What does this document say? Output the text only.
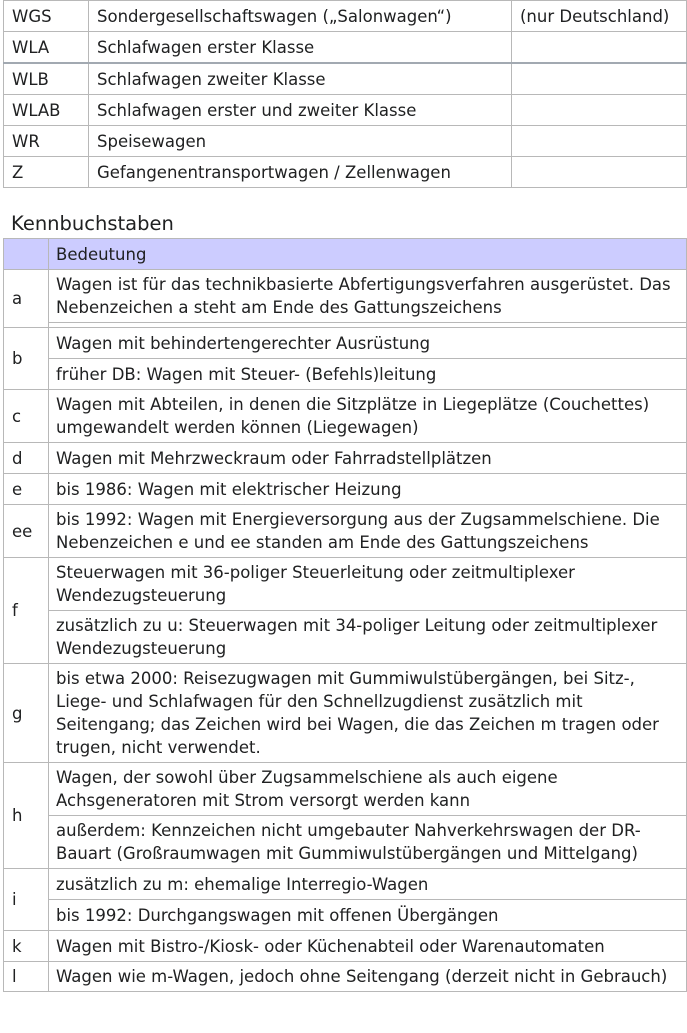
WGS	Sondergesellschaftswagen („Salonwagen“)	(nur Deutschland)
WLA	Schlafwagen erster Klasse	
WLB	Schlafwagen zweiter Klasse	
WLAB	Schlafwagen erster und zweiter Klasse	
WR	Speisewagen	
Z	Gefangenentransportwagen / Zellenwagen	
Kennbuchstaben
	Bedeutung
a	Wagen ist für das technikbasierte Abfertigungsverfahren ausgerüstet. Das Nebenzeichen a steht am Ende des Gattungszeichens

b	Wagen mit behindertengerechter Ausrüstung
	früher DB: Wagen mit Steuer- (Befehls)leitung
c	Wagen mit Abteilen, in denen die Sitzplätze in Liegeplätze (Couchettes) umgewandelt werden können (Liegewagen)
d	Wagen mit Mehrzweckraum oder Fahrradstellplätzen
e	bis 1986: Wagen mit elektrischer Heizung
ee	bis 1992: Wagen mit Energieversorgung aus der Zugsammelschiene. Die Nebenzeichen e und ee standen am Ende des Gattungszeichens
f	Steuerwagen mit 36-poliger Steuerleitung oder zeitmultiplexer Wendezugsteuerung
	zusätzlich zu u: Steuerwagen mit 34-poliger Leitung oder zeitmultiplexer Wendezugsteuerung
g	bis etwa 2000: Reisezugwagen mit Gummiwulstübergängen, bei Sitz-, Liege- und Schlafwagen für den Schnellzugdienst zusätzlich mit Seitengang; das Zeichen wird bei Wagen, die das Zeichen m tragen oder trugen, nicht verwendet.
h	Wagen, der sowohl über Zugsammelschiene als auch eigene Achsgeneratoren mit Strom versorgt werden kann
	außerdem: Kennzeichen nicht umgebauter Nahverkehrswagen der DR-Bauart (Großraumwagen mit Gummiwulstübergängen und Mittelgang)
i	zusätzlich zu m: ehemalige Interregio-Wagen
	bis 1992: Durchgangswagen mit offenen Übergängen
k	Wagen mit Bistro-/Kiosk- oder Küchenabteil oder Warenautomaten
l	Wagen wie m-Wagen, jedoch ohne Seitengang (derzeit nicht in Gebrauch)
